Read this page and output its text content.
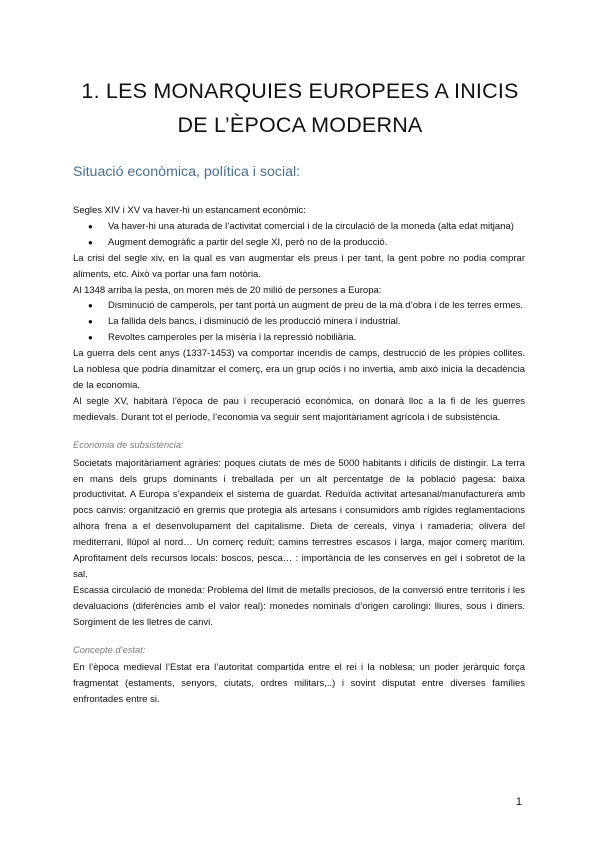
1. LES MONARQUIES EUROPEES A INICIS
DE L’ÈPOCA MODERNA
Situació econòmica, política i social:

Segles XIV i XV va haver-hi un estancament econòmic:

● Va haver-hi una aturada de l’activitat comercial i de la circulació de la moneda (alta edat mitjana)
● Augment demogràfic a partir del segle XI, però no de la producció.

La crisi del segle xiv, en la qual es van augmentar els preus i per tant, la gent pobre no podia comprar aliments, etc. Això va portar una fam notòria.

Al 1348 arriba la pesta, on moren més de 20 milió de persones a Europa:

● Disminució de camperols, per tant portà un augment de preu de la mà d’obra i de les terres ermes.
● La fallida dels bancs, i disminució de les producció minera i industrial.
● Revoltes camperoles per la misèria i la repressió nobiliària.

La guerra dels cent anys (1337-1453) va comportar incendis de camps, destrucció de les pròpies collites. La noblesa que podria dinamitzar el comerç, era un grup ociós i no invertia, amb això inicia la decadència de la economia.

Al segle XV, habitarà l’època de pau i recuperació econòmica, on donarà lloc a la fi de les guerres medievals. Durant tot el període, l’economia va seguir sent majoritàriament agrícola i de subsistència.

Economia de subsistència:

Societats majoritàriament agràries: poques ciutats de més de 5000 habitants i difícils de distingir. La terra en mans dels grups dominants i treballada per un alt percentatge de la població pagesa: baixa productivitat. A Europa s’expandeix el sistema de guardat. Reduïda activitat artesanal/manufacturera amb pocs canvis: organització en gremis que protegia als artesans i consumidors amb rígides reglamentacions alhora frena a el desenvolupament del capitalisme. Dieta de cereals, vinya i ramaderia; olivera del mediterrani, llúpol al nord… Un comerç reduït; camins terrestres escasos i larga, major comerç marítim. Aprofitament dels recursos locals: boscos, pesca… : importància de les conserves en gel i sobretot de la sal.

Escassa circulació de moneda: Problema del límit de metalls preciosos, de la conversió entre territoris i les devaluacions (diferències amb el valor real): monedes nominals d’origen carolingi: lliures, sous i diners. Sorgiment de les lletres de canvi.

Concepte d’estat:

En l’època medieval l’Estat era l’autoritat compartida entre el rei i la noblesa; un poder jeràrquic força fragmentat (estaments, senyors, ciutats, ordres militars,..) i sovint disputat entre diverses famílies enfrontades entre si.

1
